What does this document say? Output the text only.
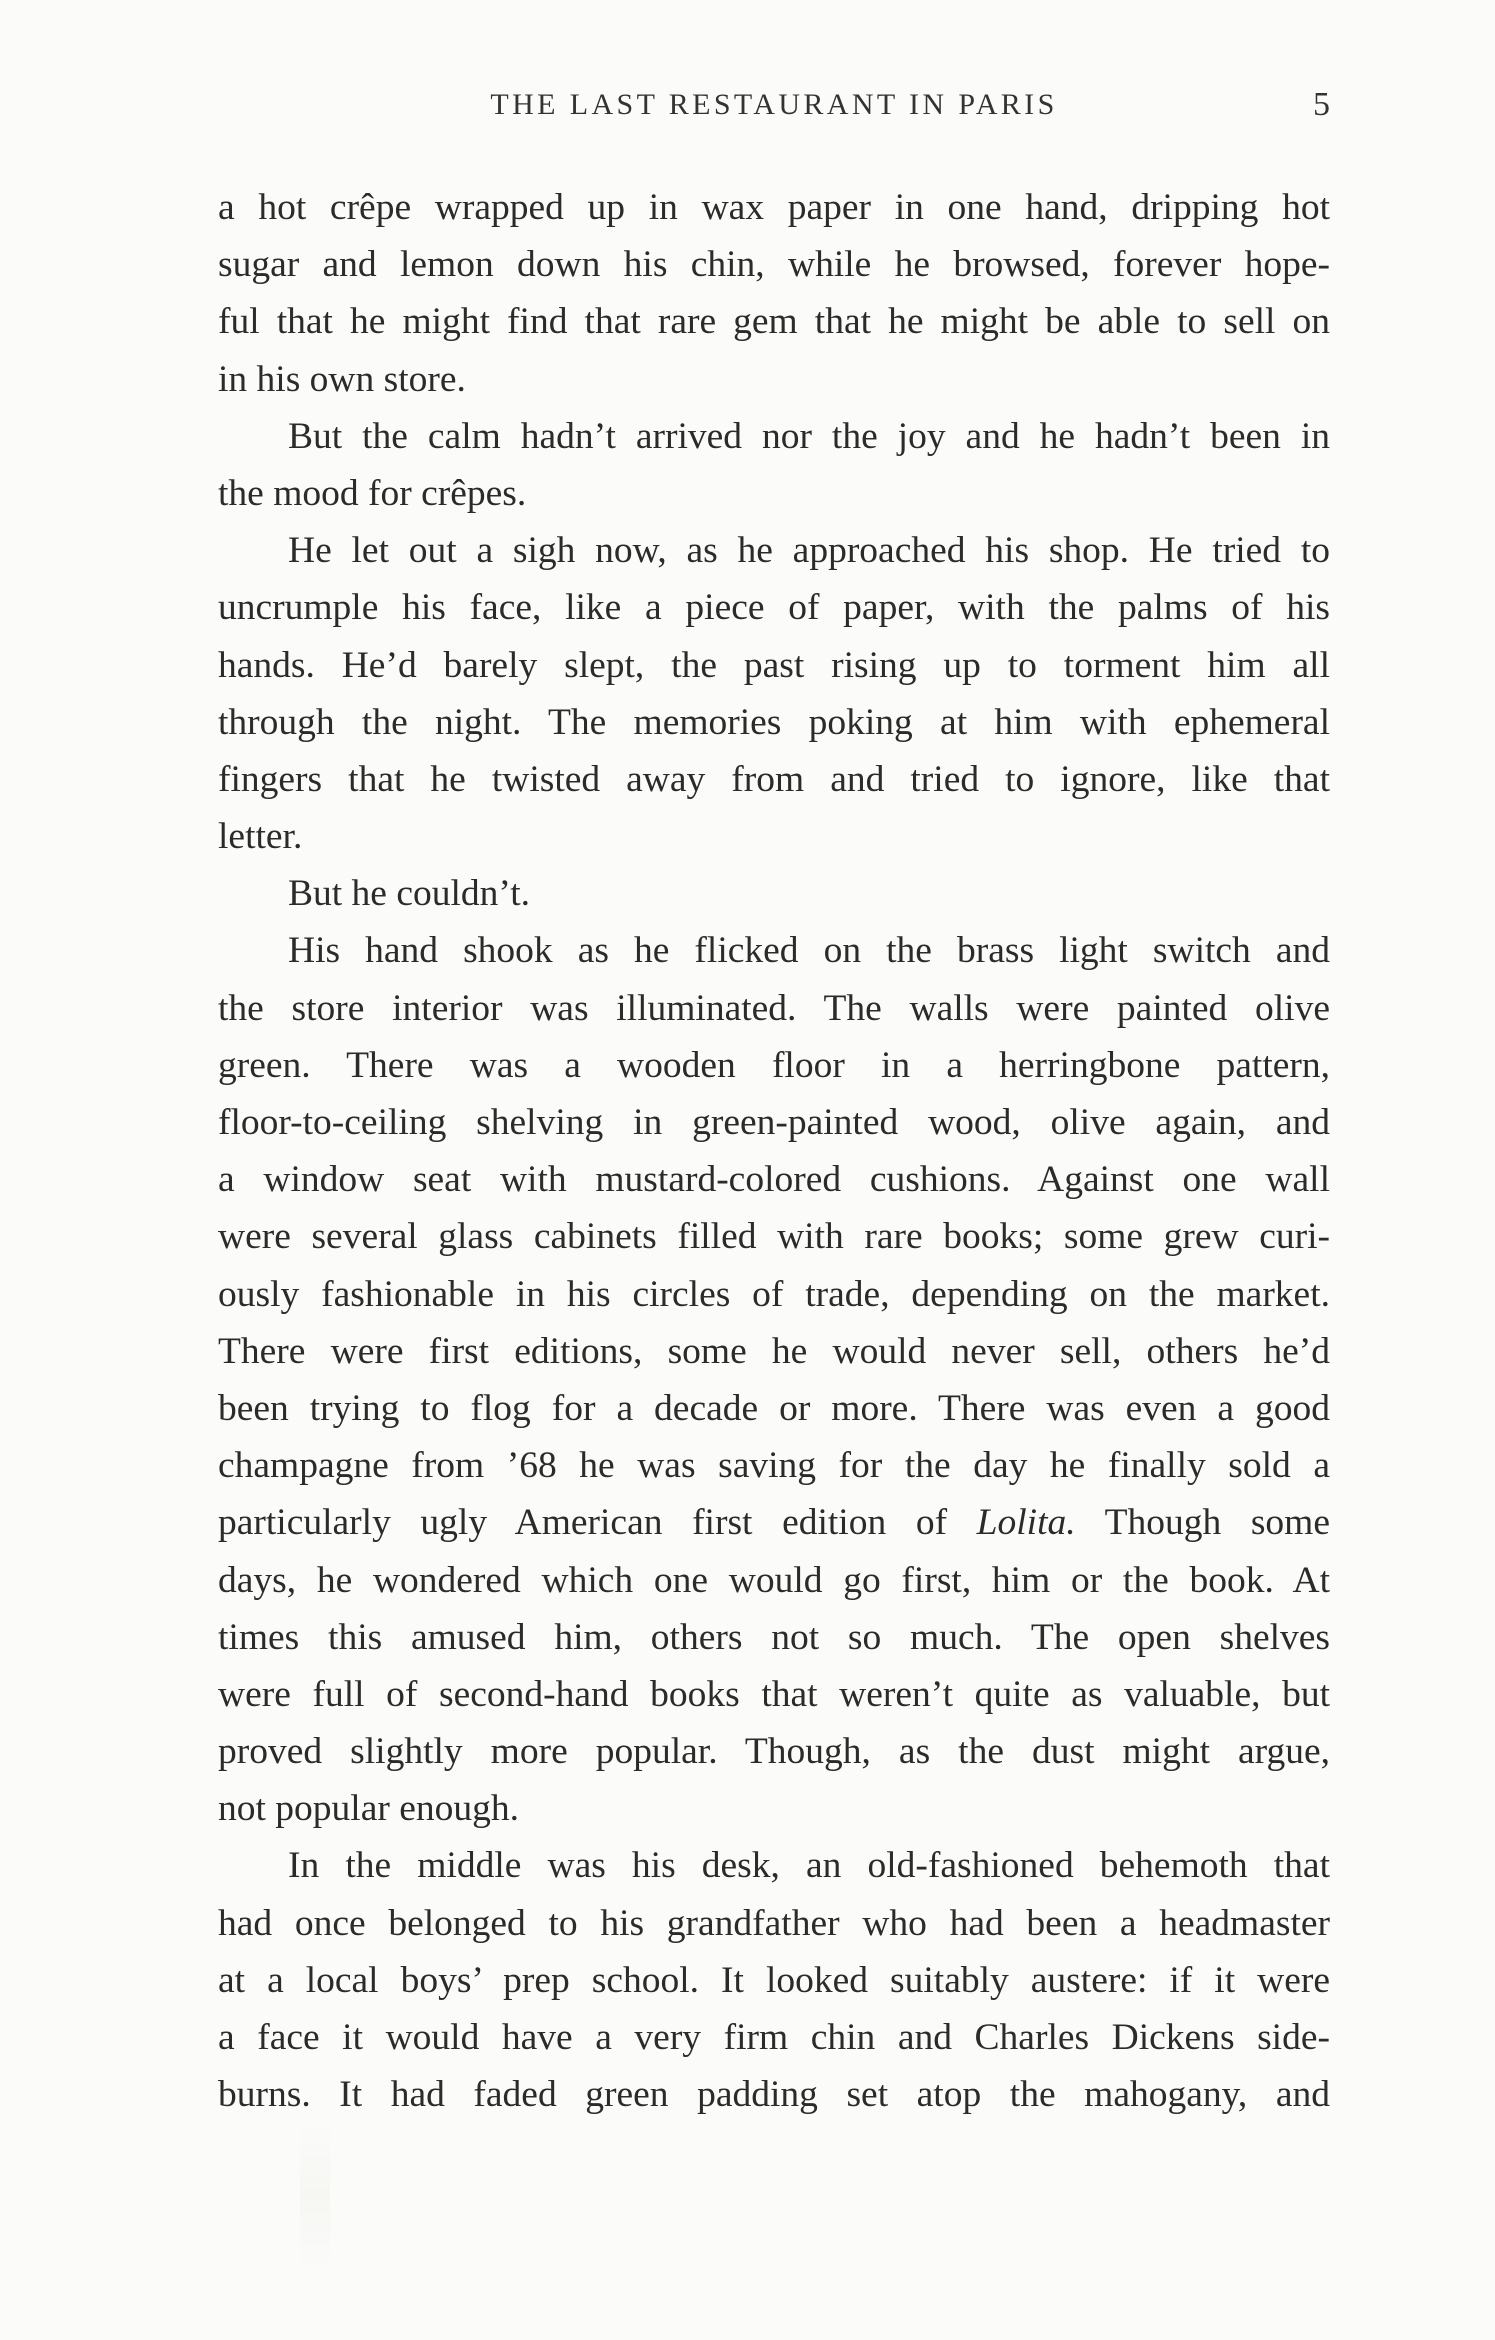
THE LAST RESTAURANT IN PARIS	5
a hot crêpe wrapped up in wax paper in one hand, dripping hot
sugar and lemon down his chin, while he browsed, forever hope-
ful that he might find that rare gem that he might be able to sell on
in his own store.
But the calm hadn’t arrived nor the joy and he hadn’t been in
the mood for crêpes.
He let out a sigh now, as he approached his shop. He tried to
uncrumple his face, like a piece of paper, with the palms of his
hands. He’d barely slept, the past rising up to torment him all
through the night. The memories poking at him with ephemeral
fingers that he twisted away from and tried to ignore, like that
letter.
But he couldn’t.
His hand shook as he flicked on the brass light switch and
the store interior was illuminated. The walls were painted olive
green. There was a wooden floor in a herringbone pattern,
floor-to-ceiling shelving in green-painted wood, olive again, and
a window seat with mustard-colored cushions. Against one wall
were several glass cabinets filled with rare books; some grew curi-
ously fashionable in his circles of trade, depending on the market.
There were first editions, some he would never sell, others he’d
been trying to flog for a decade or more. There was even a good
champagne from ’68 he was saving for the day he finally sold a
particularly ugly American first edition of Lolita. Though some
days, he wondered which one would go first, him or the book. At
times this amused him, others not so much. The open shelves
were full of second-hand books that weren’t quite as valuable, but
proved slightly more popular. Though, as the dust might argue,
not popular enough.
In the middle was his desk, an old-fashioned behemoth that
had once belonged to his grandfather who had been a headmaster
at a local boys’ prep school. It looked suitably austere: if it were
a face it would have a very firm chin and Charles Dickens side-
burns. It had faded green padding set atop the mahogany, and
